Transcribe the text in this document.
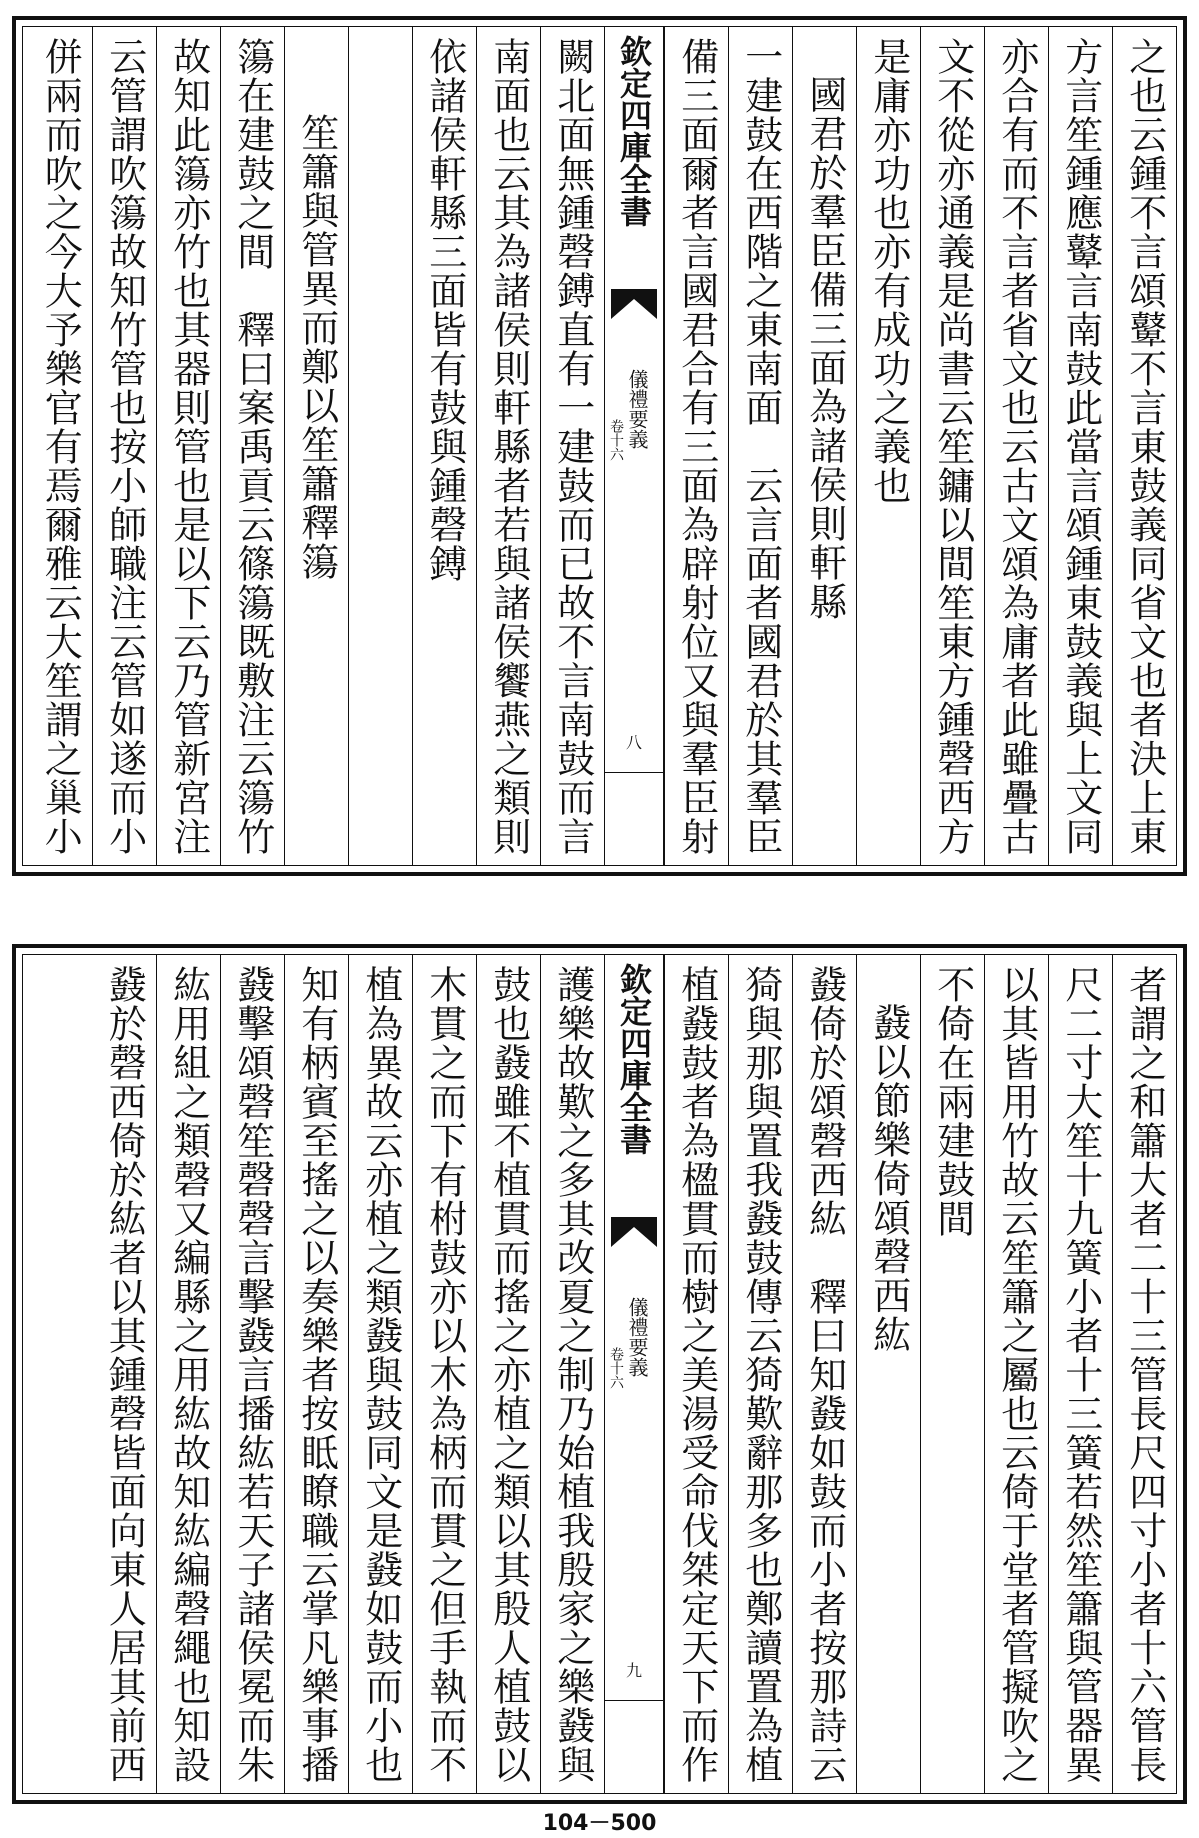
之也云鍾不言頌鼙不言東鼓義同省文也者決上東
方言笙鍾應鼙言南鼓此當言頌鍾東鼓義與上文同
亦合有而不言者省文也云古文頌為庸者此雖疊古
文不從亦通義是尚書云笙鏞以間笙東方鍾磬西方
是庸亦功也亦有成功之義也
國君於羣臣備三面為諸侯則軒縣
一建鼓在西階之東南面　云言面者國君於其羣臣
備三面爾者言國君合有三面為辟射位又與羣臣射
欽定四庫全書
儀禮要義
卷十六
八
闕北面無鍾磬鎛直有一建鼓而已故不言南鼓而言
南面也云其為諸侯則軒縣者若與諸侯饗燕之類則
依諸侯軒縣三面皆有鼓與鍾磬鎛
笙簫與管異而鄭以笙簫釋簜
簜在建鼓之間　釋曰案禹貢云篠簜既敷注云簜竹
故知此簜亦竹也其器則管也是以下云乃管新宮注
云管謂吹簜故知竹管也按小師職注云管如遂而小
併兩而吹之今大予樂官有焉爾雅云大笙謂之巢小
者謂之和簫大者二十三管長尺四寸小者十六管長
尺二寸大笙十九簧小者十三簧若然笙簫與管器異
以其皆用竹故云笙簫之屬也云倚于堂者管擬吹之
不倚在兩建鼓間
鼗以節樂倚頌磬西紘
鼗倚於頌磬西紘　釋曰知鼗如鼓而小者按那詩云
猗與那與置我鼗鼓傳云猗歎辭那多也鄭讀置為植
植鼗鼓者為楹貫而樹之美湯受命伐桀定天下而作
欽定四庫全書
儀禮要義
卷十六
九
護樂故歎之多其改夏之制乃始植我殷家之樂鼗與
鼓也鼗雖不植貫而搖之亦植之類以其殷人植鼓以
木貫之而下有柎鼓亦以木為柄而貫之但手執而不
植為異故云亦植之類鼗與鼓同文是鼗如鼓而小也
知有柄賓至搖之以奏樂者按眡瞭職云掌凡樂事播
鼗擊頌磬笙磬磬言擊鼗言播紘若天子諸侯冕而朱
紘用組之類磬又編縣之用紘故知紘編磬繩也知設
鼗於磬西倚於紘者以其鍾磬皆面向東人居其前西
104－500
